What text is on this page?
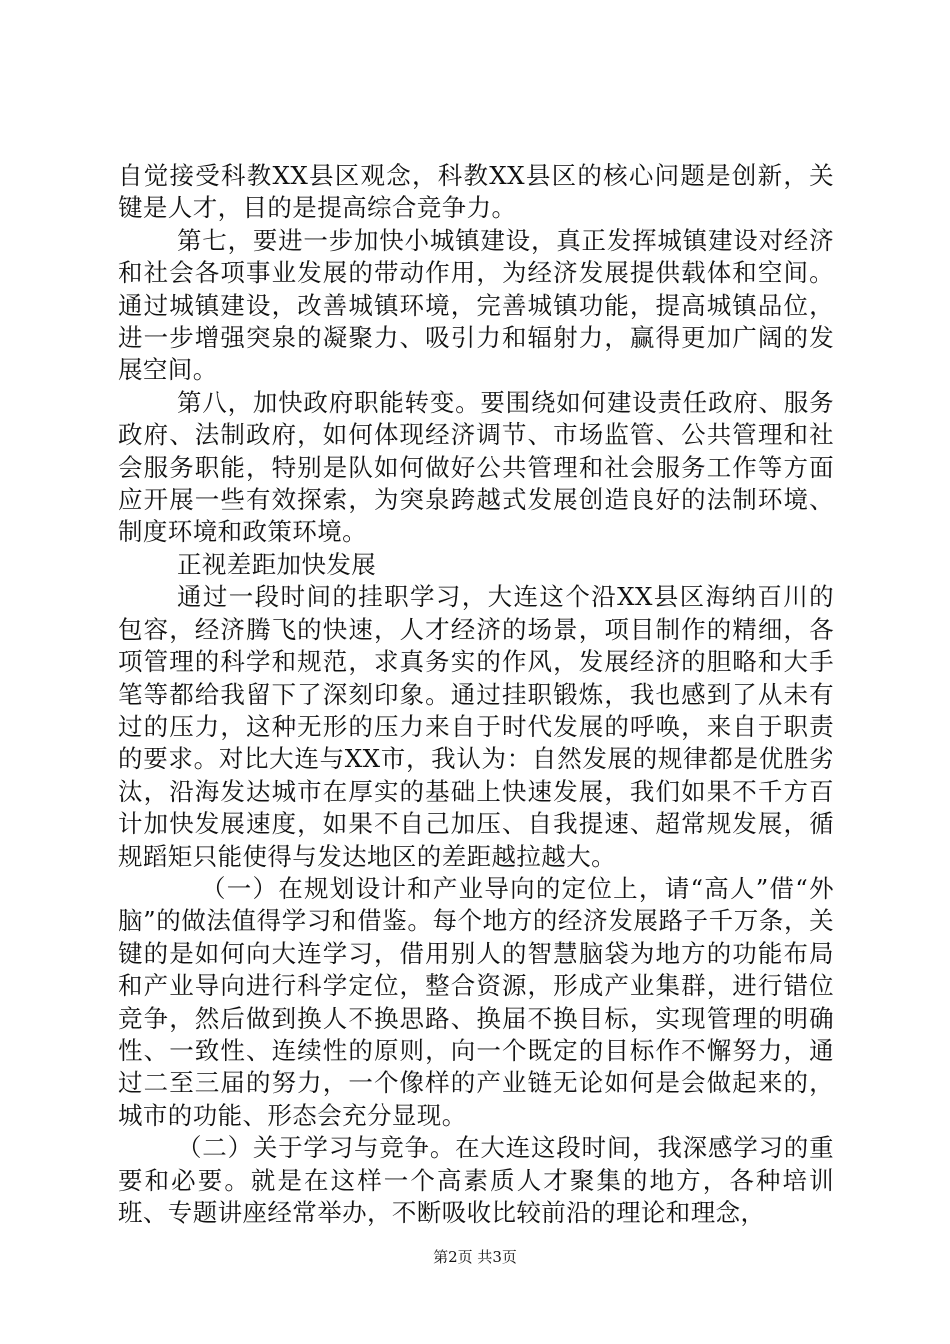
自觉接受科教XX县区观念，科教XX县区的核心问题是创新，关键是人才，目的是提高综合竞争力。

第七，要进一步加快小城镇建设，真正发挥城镇建设对经济和社会各项事业发展的带动作用，为经济发展提供载体和空间。通过城镇建设，改善城镇环境，完善城镇功能，提高城镇品位，进一步增强突泉的凝聚力、吸引力和辐射力，赢得更加广阔的发展空间。

第八，加快政府职能转变。要围绕如何建设责任政府、服务政府、法制政府，如何体现经济调节、市场监管、公共管理和社会服务职能，特别是队如何做好公共管理和社会服务工作等方面应开展一些有效探索，为突泉跨越式发展创造良好的法制环境、制度环境和政策环境。

正视差距加快发展

通过一段时间的挂职学习，大连这个沿XX县区海纳百川的包容，经济腾飞的快速，人才经济的场景，项目制作的精细，各项管理的科学和规范，求真务实的作风，发展经济的胆略和大手笔等都给我留下了深刻印象。通过挂职锻炼，我也感到了从未有过的压力，这种无形的压力来自于时代发展的呼唤，来自于职责的要求。对比大连与XX市，我认为：自然发展的规律都是优胜劣汰，沿海发达城市在厚实的基础上快速发展，我们如果不千方百计加快发展速度，如果不自己加压、自我提速、超常规发展，循规蹈矩只能使得与发达地区的差距越拉越大。

（一）在规划设计和产业导向的定位上，请“高人”借“外脑”的做法值得学习和借鉴。每个地方的经济发展路子千万条，关键的是如何向大连学习，借用别人的智慧脑袋为地方的功能布局和产业导向进行科学定位，整合资源，形成产业集群，进行错位竞争，然后做到换人不换思路、换届不换目标，实现管理的明确性、一致性、连续性的原则，向一个既定的目标作不懈努力，通过二至三届的努力，一个像样的产业链无论如何是会做起来的，城市的功能、形态会充分显现。

（二）关于学习与竞争。在大连这段时间，我深感学习的重要和必要。就是在这样一个高素质人才聚集的地方，各种培训班、专题讲座经常举办，不断吸收比较前沿的理论和理念，

第2页 共3页
